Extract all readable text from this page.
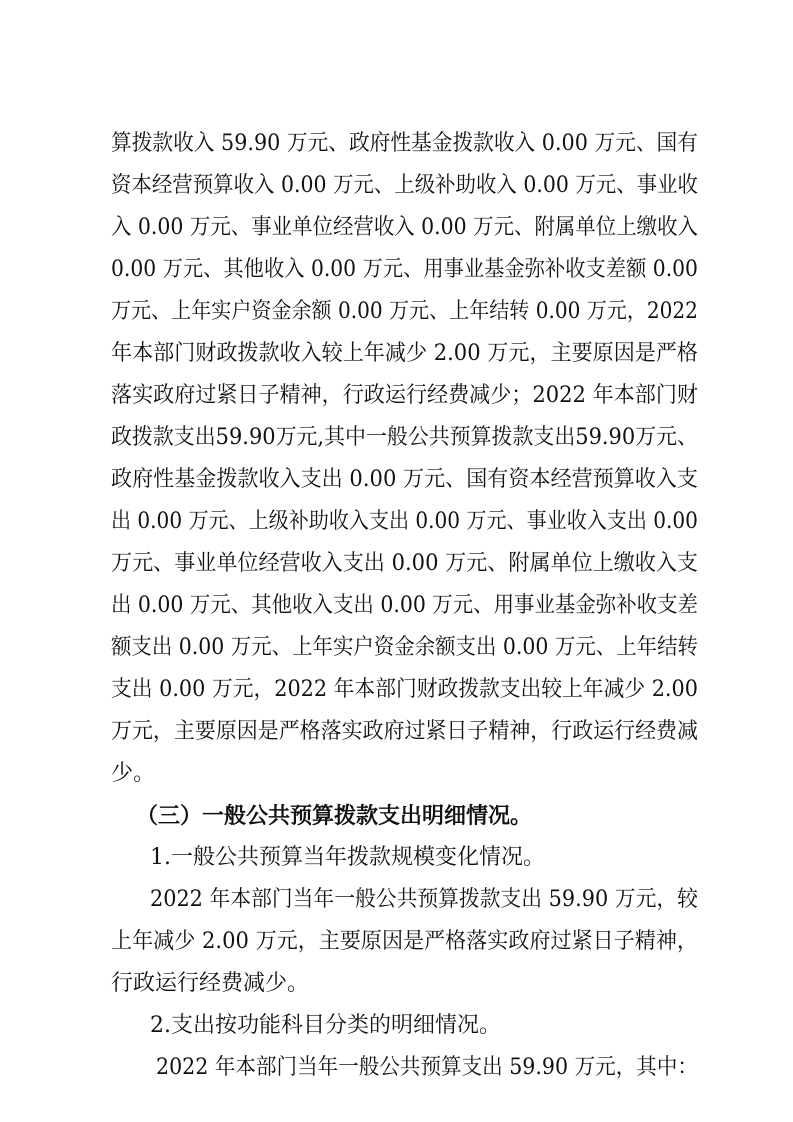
算拨款收入 59.90 万元、政府性基金拨款收入 0.00 万元、国有
资本经营预算收入 0.00 万元、上级补助收入 0.00 万元、事业收
入 0.00 万元、事业单位经营收入 0.00 万元、附属单位上缴收入
0.00 万元、其他收入 0.00 万元、用事业基金弥补收支差额 0.00
万元、上年实户资金余额 0.00 万元、上年结转 0.00 万元，2022
年本部门财政拨款收入较上年减少 2.00 万元，主要原因是严格
落实政府过紧日子精神，行政运行经费减少；2022 年本部门财
政拨款支出59.90万元,其中一般公共预算拨款支出59.90万元、
政府性基金拨款收入支出 0.00 万元、国有资本经营预算收入支
出 0.00 万元、上级补助收入支出 0.00 万元、事业收入支出 0.00
万元、事业单位经营收入支出 0.00 万元、附属单位上缴收入支
出 0.00 万元、其他收入支出 0.00 万元、用事业基金弥补收支差
额支出 0.00 万元、上年实户资金余额支出 0.00 万元、上年结转
支出 0.00 万元，2022 年本部门财政拨款支出较上年减少 2.00
万元，主要原因是严格落实政府过紧日子精神，行政运行经费减
少。
（三）一般公共预算拨款支出明细情况。
1.一般公共预算当年拨款规模变化情况。
2022 年本部门当年一般公共预算拨款支出 59.90 万元，较
上年减少 2.00 万元，主要原因是严格落实政府过紧日子精神，
行政运行经费减少。
2.支出按功能科目分类的明细情况。
2022 年本部门当年一般公共预算支出 59.90 万元，其中：
